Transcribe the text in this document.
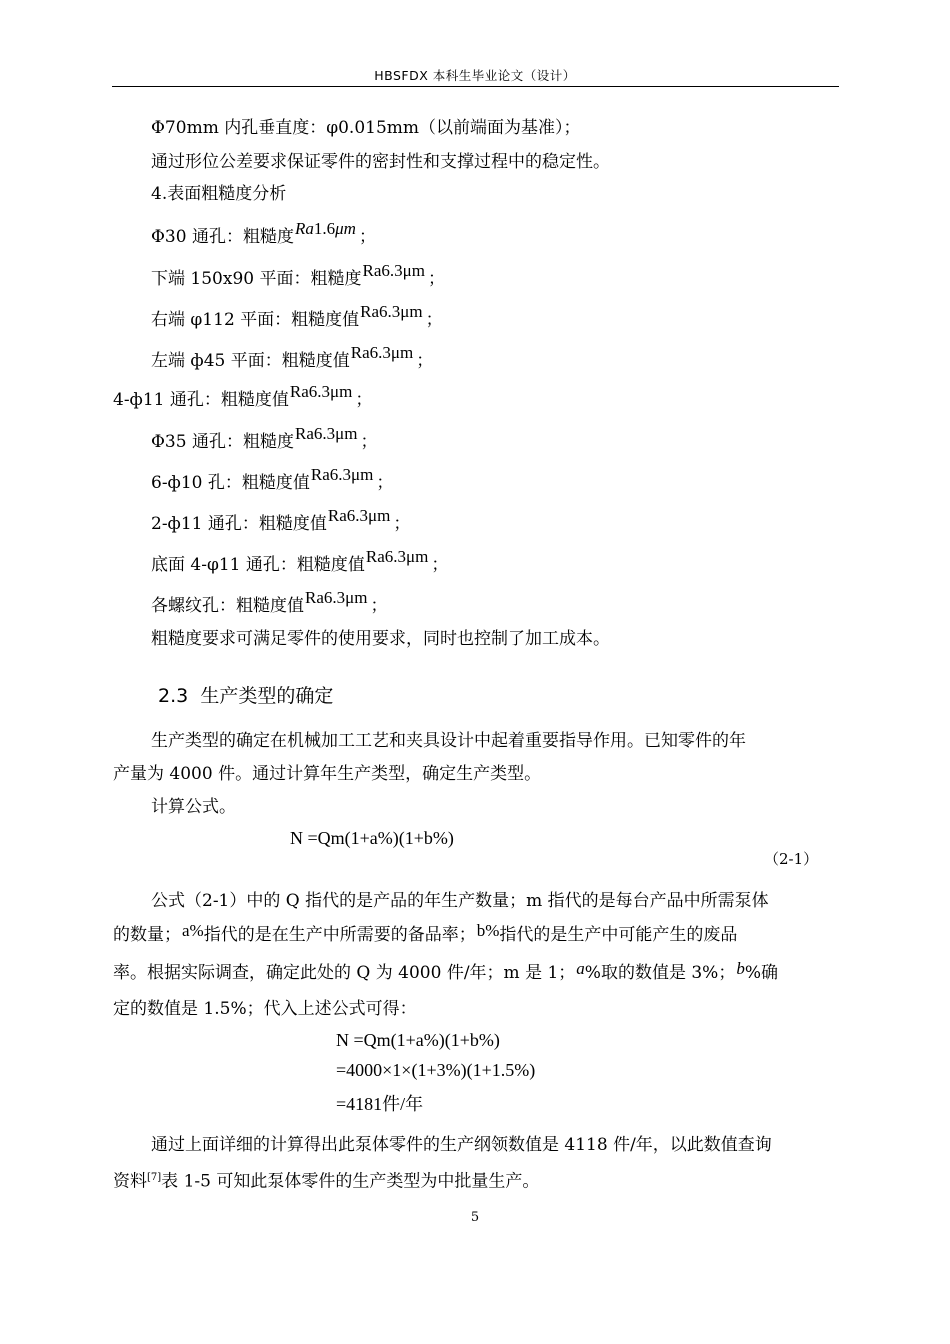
HBSFDX 本科生毕业论文（设计）
Φ70mm 内孔垂直度：φ0.015mm（以前端面为基准）；
通过形位公差要求保证零件的密封性和支撑过程中的稳定性。
4.表面粗糙度分析
Φ30 通孔：粗糙度Ra1.6μm ；
下端 150x90 平面：粗糙度Ra6.3μm ；
右端 φ112 平面：粗糙度值Ra6.3μm ；
左端 ф45 平面：粗糙度值Ra6.3μm ；
4-ф11 通孔：粗糙度值Ra6.3μm ；
Φ35 通孔：粗糙度Ra6.3μm ；
6-ф10 孔：粗糙度值Ra6.3μm ；
2-ф11 通孔：粗糙度值Ra6.3μm ；
底面 4-φ11 通孔：粗糙度值Ra6.3μm ；
各螺纹孔：粗糙度值Ra6.3μm ；
粗糙度要求可满足零件的使用要求，同时也控制了加工成本。
2.3 生产类型的确定
生产类型的确定在机械加工工艺和夹具设计中起着重要指导作用。已知零件的年
产量为 4000 件。通过计算年生产类型，确定生产类型。
计算公式。
N =Qm(1+a%)(1+b%)
（2-1）
公式（2-1）中的 Q 指代的是产品的年生产数量；m 指代的是每台产品中所需泵体
的数量；a%指代的是在生产中所需要的备品率；b%指代的是生产中可能产生的废品
率。根据实际调查，确定此处的 Q 为 4000 件/年；m 是 1；a%取的数值是 3%；b%确
定的数值是 1.5%；代入上述公式可得：
N =Qm(1+a%)(1+b%)
=4000×1×(1+3%)(1+1.5%)
=4181件/年
通过上面详细的计算得出此泵体零件的生产纲领数值是 4118 件/年，以此数值查询
资料[7]表 1-5 可知此泵体零件的生产类型为中批量生产。
5
